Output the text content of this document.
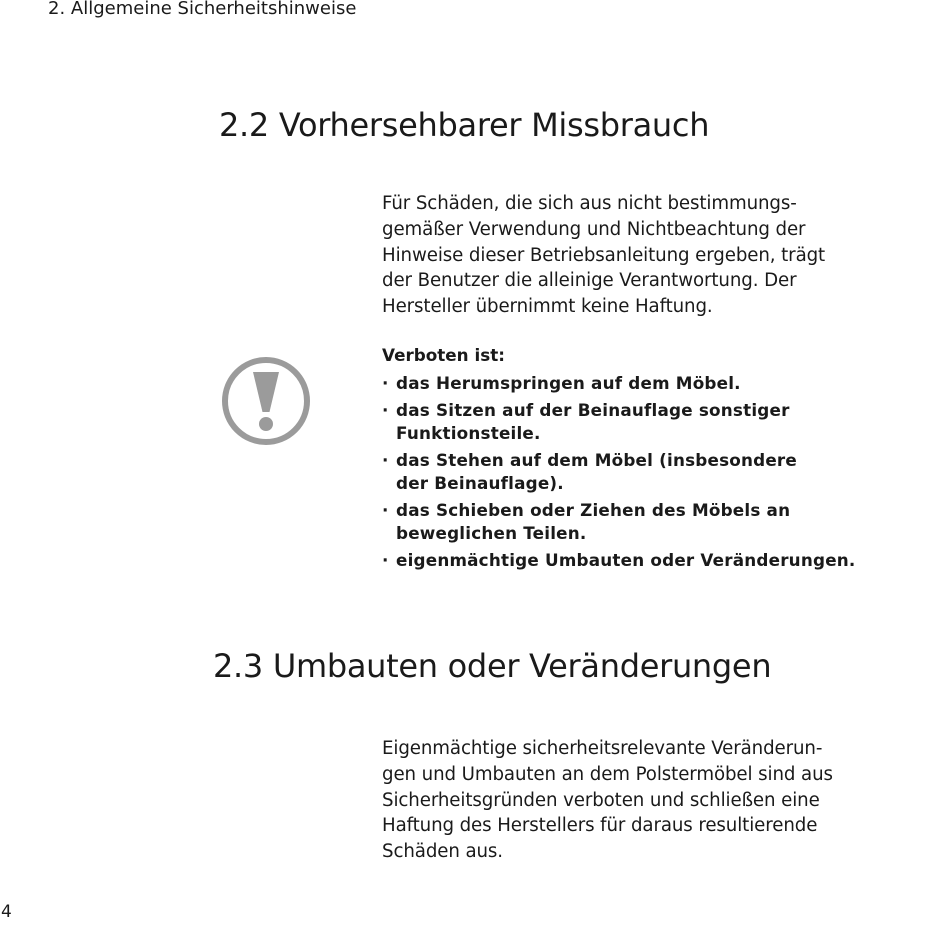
2. Allgemeine Sicherheitshinweise
2.2 Vorhersehbarer Missbrauch

Für Schäden, die sich aus nicht bestimmungs-
gemäßer Verwendung und Nichtbeachtung der
Hinweise dieser Betriebsanleitung ergeben, trägt
der Benutzer die alleinige Verantwortung. Der
Hersteller übernimmt keine Haftung.

Verboten ist:

· das Herumspringen auf dem Möbel.
· das Sitzen auf der Beinauflage sonstiger
Funktionsteile.
· das Stehen auf dem Möbel (insbesondere
der Beinauflage).
· das Schieben oder Ziehen des Möbels an
beweglichen Teilen.
· eigenmächtige Umbauten oder Veränderungen.
2.3 Umbauten oder Veränderungen

Eigenmächtige sicherheitsrelevante Veränderun-
gen und Umbauten an dem Polstermöbel sind aus
Sicherheitsgründen verboten und schließen eine
Haftung des Herstellers für daraus resultierende
Schäden aus.

4
